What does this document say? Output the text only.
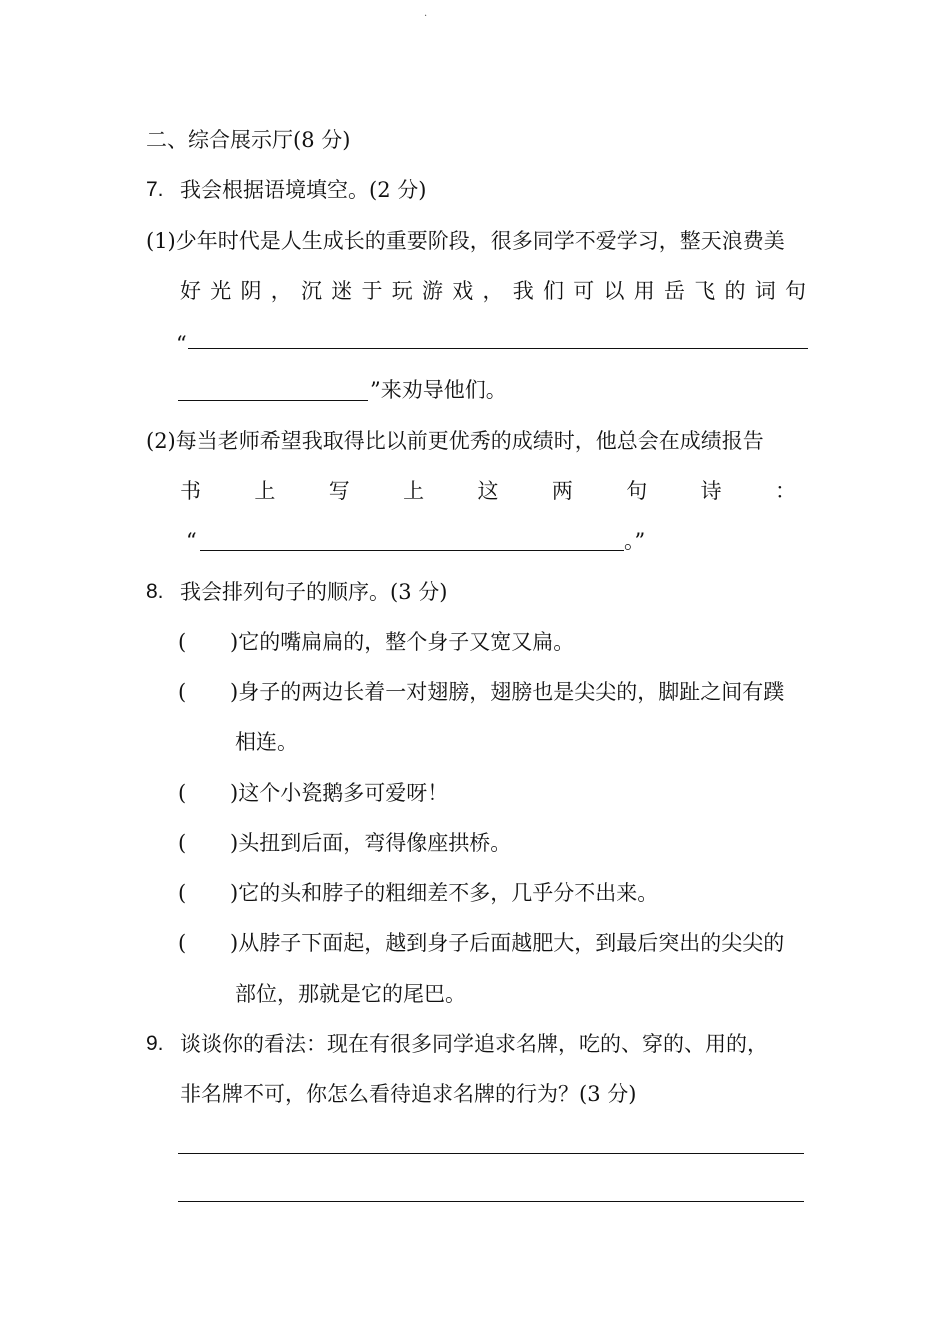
.
二、综合展示厅(8 分)
7. 我会根据语境填空。(2 分)
(1)少年时代是人生成长的重要阶段，很多同学不爱学习，整天浪费美
好 光 阴 ， 沉 迷 于 玩 游 戏 ， 我 们 可 以 用 岳 飞 的 词 句
“
”来劝导他们。
(2)每当老师希望我取得比以前更优秀的成绩时，他总会在成绩报告
书	上	写	上	这	两	句	诗	：
“	。”
8. 我会排列句子的顺序。(3 分)
( )它的嘴扁扁的，整个身子又宽又扁。
( )身子的两边长着一对翅膀，翅膀也是尖尖的，脚趾之间有蹼
相连。
( )这个小瓷鹅多可爱呀！
( )头扭到后面，弯得像座拱桥。
( )它的头和脖子的粗细差不多，几乎分不出来。
( )从脖子下面起，越到身子后面越肥大，到最后突出的尖尖的
部位，那就是它的尾巴。
9. 谈谈你的看法：现在有很多同学追求名牌，吃的、穿的、用的，
非名牌不可，你怎么看待追求名牌的行为？(3 分)
